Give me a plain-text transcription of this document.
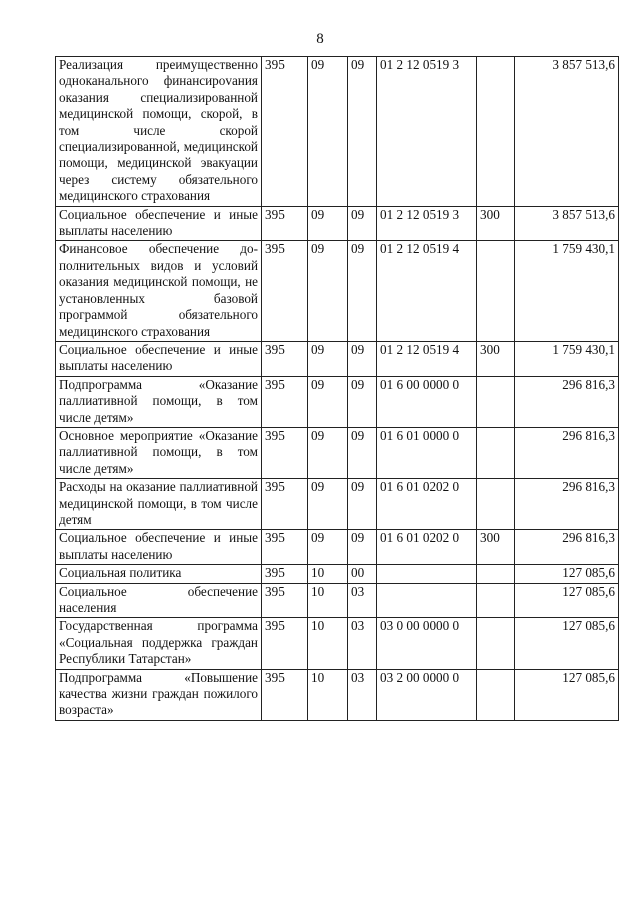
8
Реализация преимущественно одноканального финансироvания оказания специализированной медицинской помощи, скорой, в том числе скорой специализированной, медицинской помощи, медицинской эвакуации через систему обязательного медицинского страхования	395	09	09	01 2 12 0519 3		3 857 513,6
Социальное обеспечение и иные выплаты населению	395	09	09	01 2 12 0519 3	300	3 857 513,6
Финансовое обеспечение дополнительных видов и условий оказания медицинской помощи, не установленных базовой программой обязательного медицинского страхования	395	09	09	01 2 12 0519 4		1 759 430,1
Социальное обеспечение и иные выплаты населению	395	09	09	01 2 12 0519 4	300	1 759 430,1
Подпрограмма «Оказание паллиативной помощи, в том числе детям»	395	09	09	01 6 00 0000 0		296 816,3
Основное мероприятие «Оказание паллиативной помощи, в том числе детям»	395	09	09	01 6 01 0000 0		296 816,3
Расходы на оказание паллиативной медицинской помощи, в том числе детям	395	09	09	01 6 01 0202 0		296 816,3
Социальное обеспечение и иные выплаты населению	395	09	09	01 6 01 0202 0	300	296 816,3
Социальная политика	395	10	00			127 085,6
Социальное обеспечение населения	395	10	03			127 085,6
Государственная программа «Социальная поддержка граждан Республики Татарстан»	395	10	03	03 0 00 0000 0		127 085,6
Подпрограмма «Повышение качества жизни граждан пожилого возраста»	395	10	03	03 2 00 0000 0		127 085,6
